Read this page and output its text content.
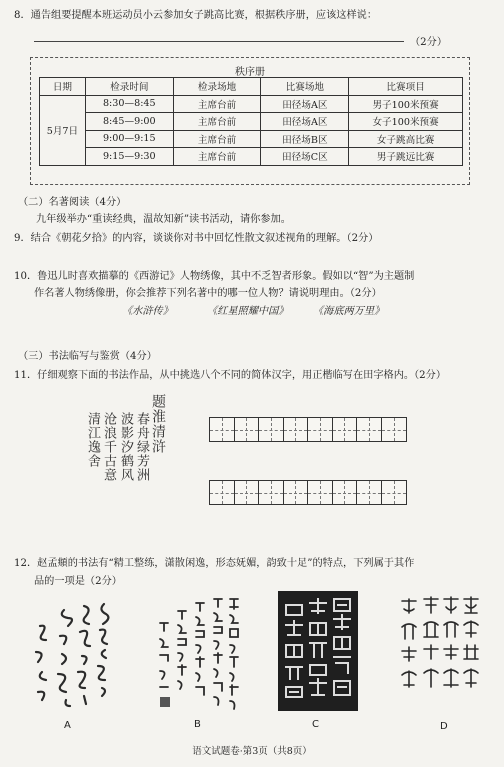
8．通告组要提醒本班运动员小云参加女子跳高比赛，根据秩序册，应该这样说：
（2分）
秩序册
日期	检录时间	检录场地	比赛场地	比赛项目
5月7日	8:30—8:45	主席台前	田径场A区	男子100米预赛
	8:45—9:00	主席台前	田径场A区	女子100米预赛
	9:00—9:15	主席台前	田径场B区	女子跳高比赛
	9:15—9:30	主席台前	田径场C区	男子跳远比赛
（二）名著阅读（4分）
九年级举办“重读经典，温故知新”读书活动，请你参加。
9．结合《朝花夕拾》的内容，谈谈你对书中回忆性散文叙述视角的理解。（2分）
10．鲁迅儿时喜欢描摹的《西游记》人物绣像，其中不乏智者形象。假如以“智”为主题制
作名著人物绣像册，你会推荐下列名著中的哪一位人物？请说明理由。（2分）
《水浒传》	《红星照耀中国》 《海底两万里》
（三）书法临写与鉴赏（4分）
11．仔细观察下面的书法作品，从中挑选八个不同的简体汉字，用正楷临写在田字格内。（2分）
题淮清浒
春舟绿芳洲
波影汐鹤风
沧浪千古意
清江逸舍
12．赵孟頫的书法有“精工整练，潇散闲逸，形态妩媚，韵致十足”的特点，下列属于其作
品的一项是（2分）
A	B	C	D
语文试题卷·第3页（共8页）
